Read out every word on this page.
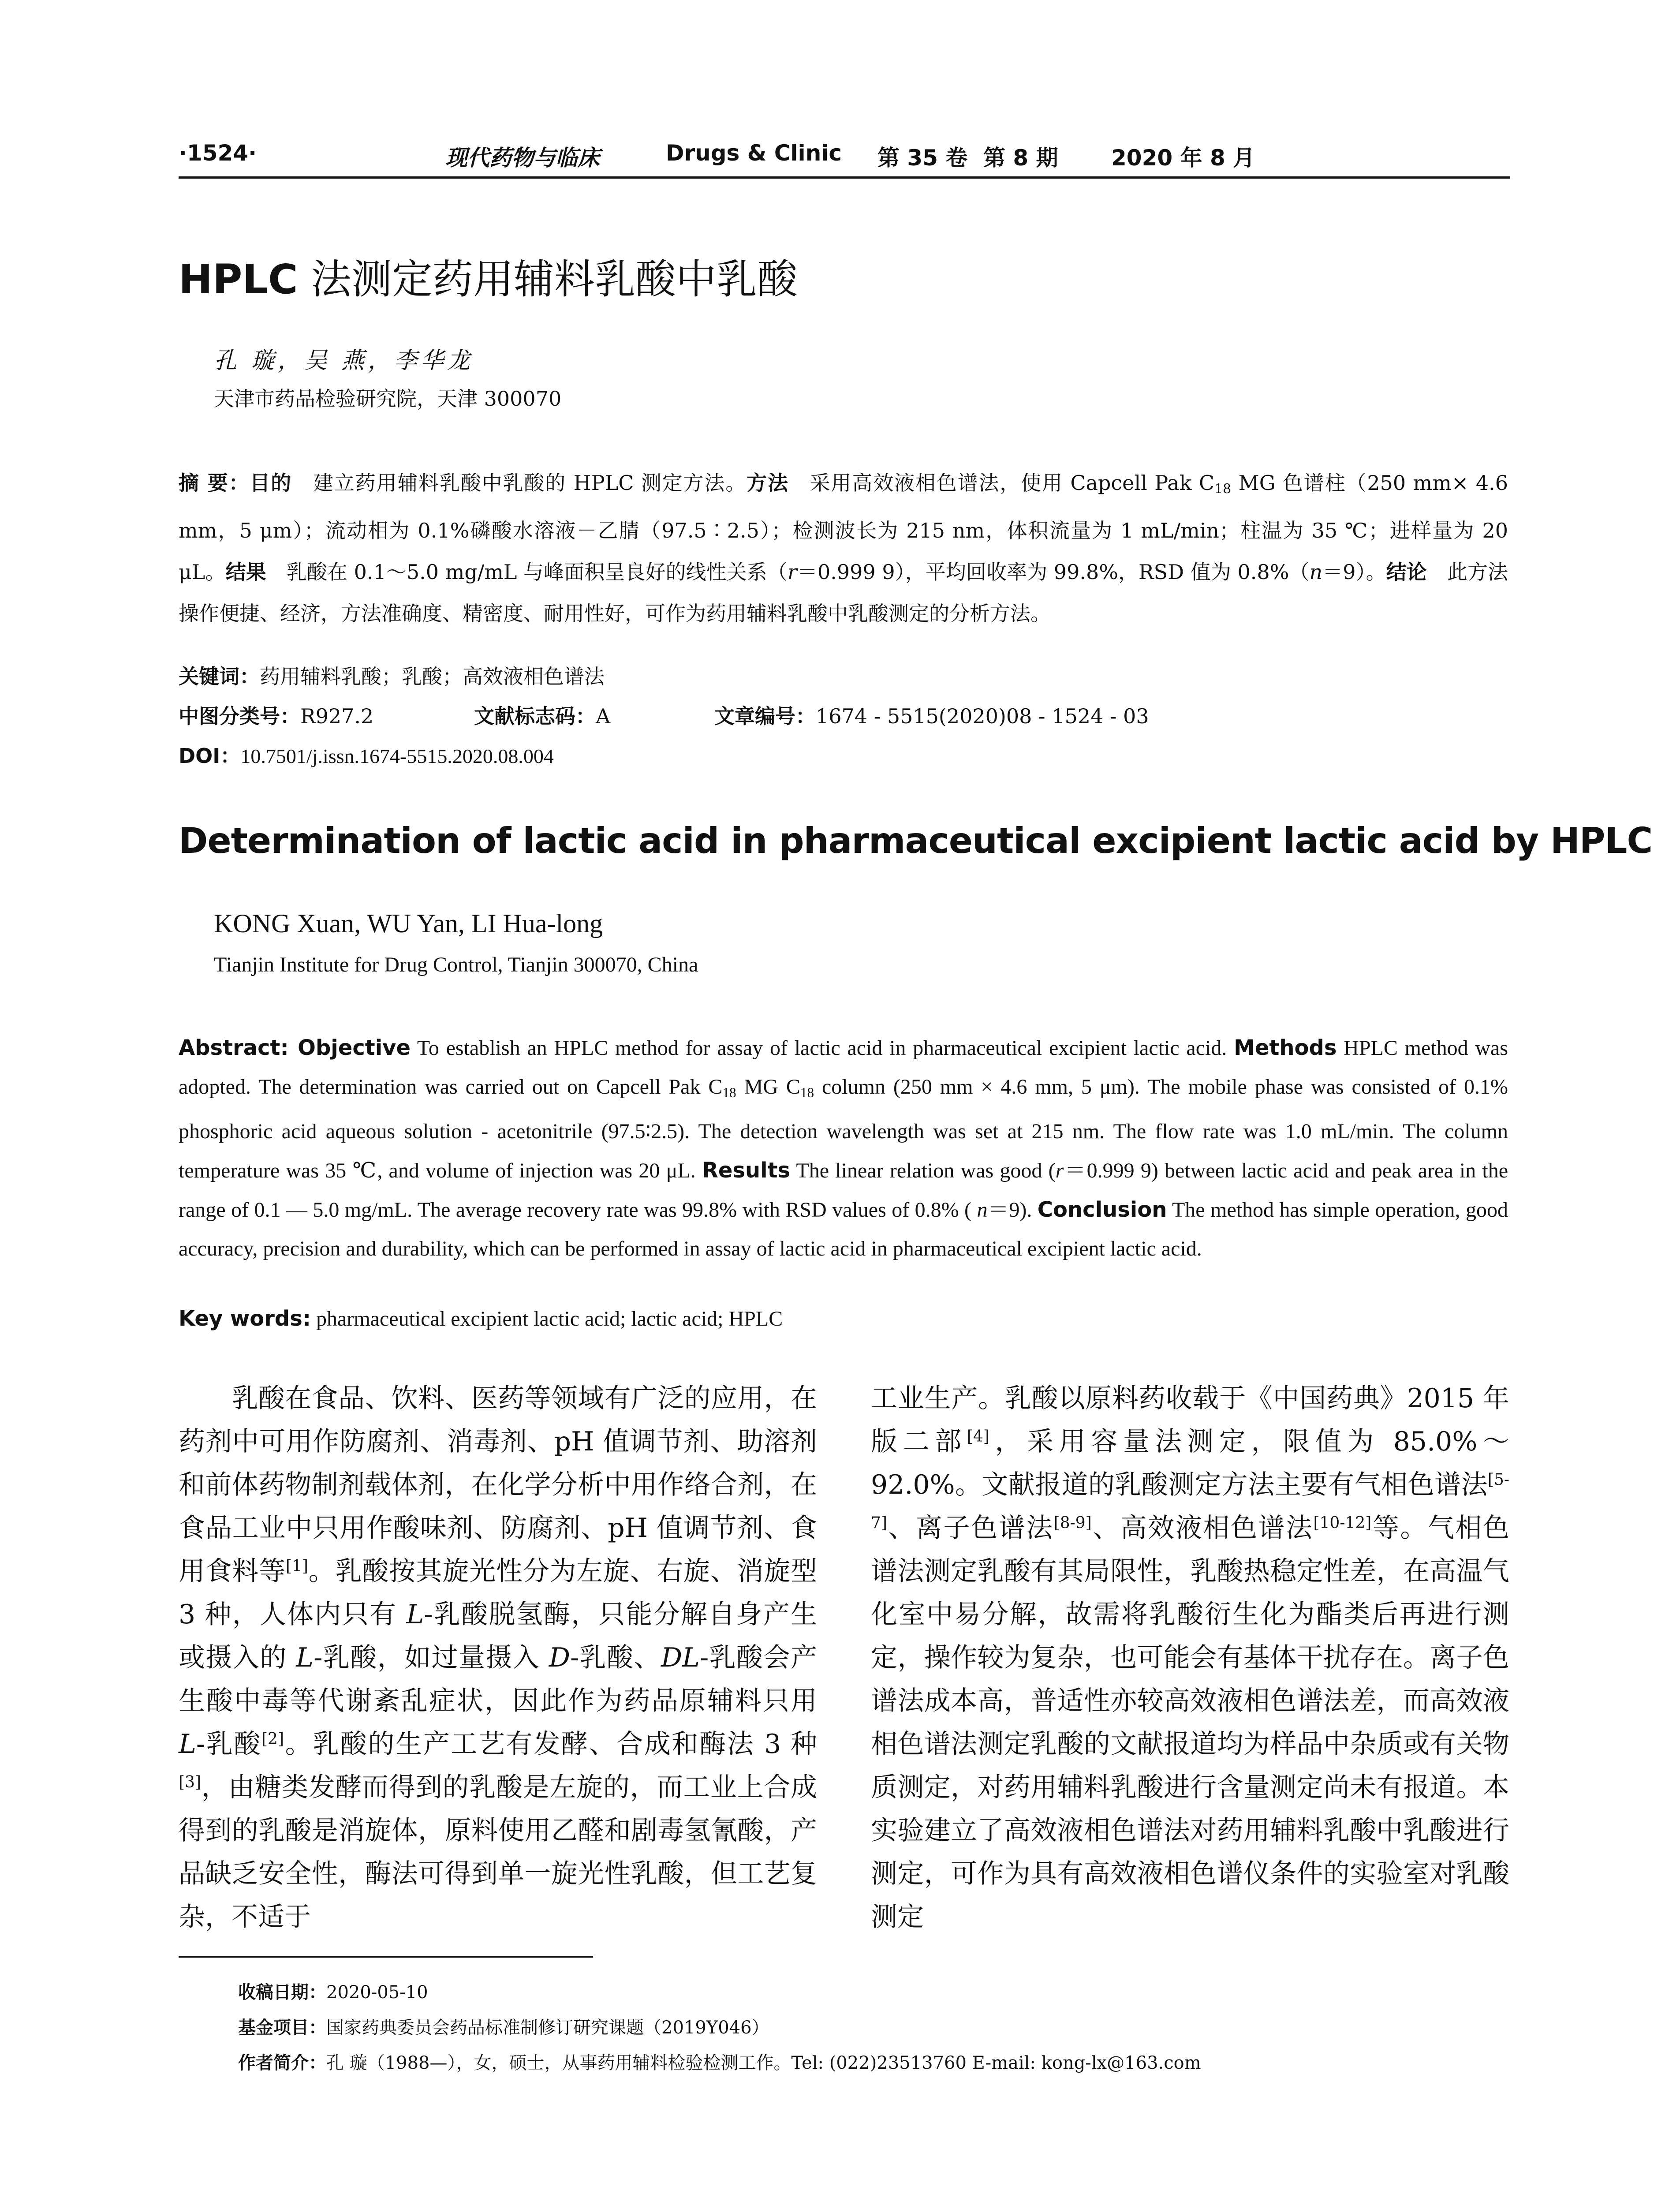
·1524·	现代药物与临床	Drugs & Clinic 第 35 卷 第 8 期 2020 年 8 月
HPLC 法测定药用辅料乳酸中乳酸
孔 璇，吴 燕，李华龙
天津市药品检验研究院，天津 300070
摘 要：目的　建立药用辅料乳酸中乳酸的 HPLC 测定方法。方法　采用高效液相色谱法，使用 Capcell Pak $C_{18}$ MG 色谱柱（250 mm× 4.6 mm，5 μm）；流动相为 0.1%磷酸水溶液－乙腈（97.5∶2.5）；检测波长为 215 nm，体积流量为 1 mL/min；柱温为 35 ℃；进样量为 20 μL。结果　乳酸在 0.1～5.0 mg/mL 与峰面积呈良好的线性关系（r＝0.999 9），平均回收率为 99.8%，RSD 值为 0.8%（n＝9）。结论　此方法操作便捷、经济，方法准确度、精密度、耐用性好，可作为药用辅料乳酸中乳酸测定的分析方法。
关键词：药用辅料乳酸；乳酸；高效液相色谱法
中图分类号：R927.2	文献标志码：A	文章编号：1674 - 5515(2020)08 - 1524 - 03
DOI：10.7501/j.issn.1674-5515.2020.08.004
Determination of lactic acid in pharmaceutical excipient lactic acid by HPLC
KONG Xuan, WU Yan, LI Hua-long
Tianjin Institute for Drug Control, Tianjin 300070, China
Abstract: Objective To establish an HPLC method for assay of lactic acid in pharmaceutical excipient lactic acid. Methods HPLC method was adopted. The determination was carried out on Capcell Pak $C_{18}$ MG $C_{18}$ column (250 mm × 4.6 mm, 5 μm). The mobile phase was consisted of 0.1% phosphoric acid aqueous solution - acetonitrile (97.5∶2.5). The detection wavelength was set at 215 nm. The flow rate was 1.0 mL/min. The column temperature was 35 ℃, and volume of injection was 20 μL. Results The linear relation was good (r＝0.999 9) between lactic acid and peak area in the range of 0.1 — 5.0 mg/mL. The average recovery rate was 99.8% with RSD values of 0.8% ( n＝9). Conclusion The method has simple operation, good accuracy, precision and durability, which can be performed in assay of lactic acid in pharmaceutical excipient lactic acid.
Key words: pharmaceutical excipient lactic acid; lactic acid; HPLC
　　乳酸在食品、饮料、医药等领域有广泛的应用，在药剂中可用作防腐剂、消毒剂、pH 值调节剂、助溶剂和前体药物制剂载体剂，在化学分析中用作络合剂，在食品工业中只用作酸味剂、防腐剂、pH 值调节剂、食用食料等[1]。乳酸按其旋光性分为左旋、右旋、消旋型 3 种，人体内只有 L-乳酸脱氢酶，只能分解自身产生或摄入的 L-乳酸，如过量摄入 D-乳酸、DL-乳酸会产生酸中毒等代谢紊乱症状，因此作为药品原辅料只用 L-乳酸[2]。乳酸的生产工艺有发酵、合成和酶法 3 种[3]，由糖类发酵而得到的乳酸是左旋的，而工业上合成得到的乳酸是消旋体，原料使用乙醛和剧毒氢氰酸，产品缺乏安全性，酶法可得到单一旋光性乳酸，但工艺复杂，不适于
工业生产。乳酸以原料药收载于《中国药典》2015 年版二部[4]，采用容量法测定，限值为 85.0%～92.0%。文献报道的乳酸测定方法主要有气相色谱法[5-7]、离子色谱法[8-9]、高效液相色谱法[10-12]等。气相色谱法测定乳酸有其局限性，乳酸热稳定性差，在高温气化室中易分解，故需将乳酸衍生化为酯类后再进行测定，操作较为复杂，也可能会有基体干扰存在。离子色谱法成本高，普适性亦较高效液相色谱法差，而高效液相色谱法测定乳酸的文献报道均为样品中杂质或有关物质测定，对药用辅料乳酸进行含量测定尚未有报道。本实验建立了高效液相色谱法对药用辅料乳酸中乳酸进行测定，可作为具有高效液相色谱仪条件的实验室对乳酸测定
收稿日期：2020-05-10
基金项目：国家药典委员会药品标准制修订研究课题（2019Y046）
作者简介：孔 璇（1988—），女，硕士，从事药用辅料检验检测工作。Tel: (022)23513760 E-mail: kong-lx@163.com
